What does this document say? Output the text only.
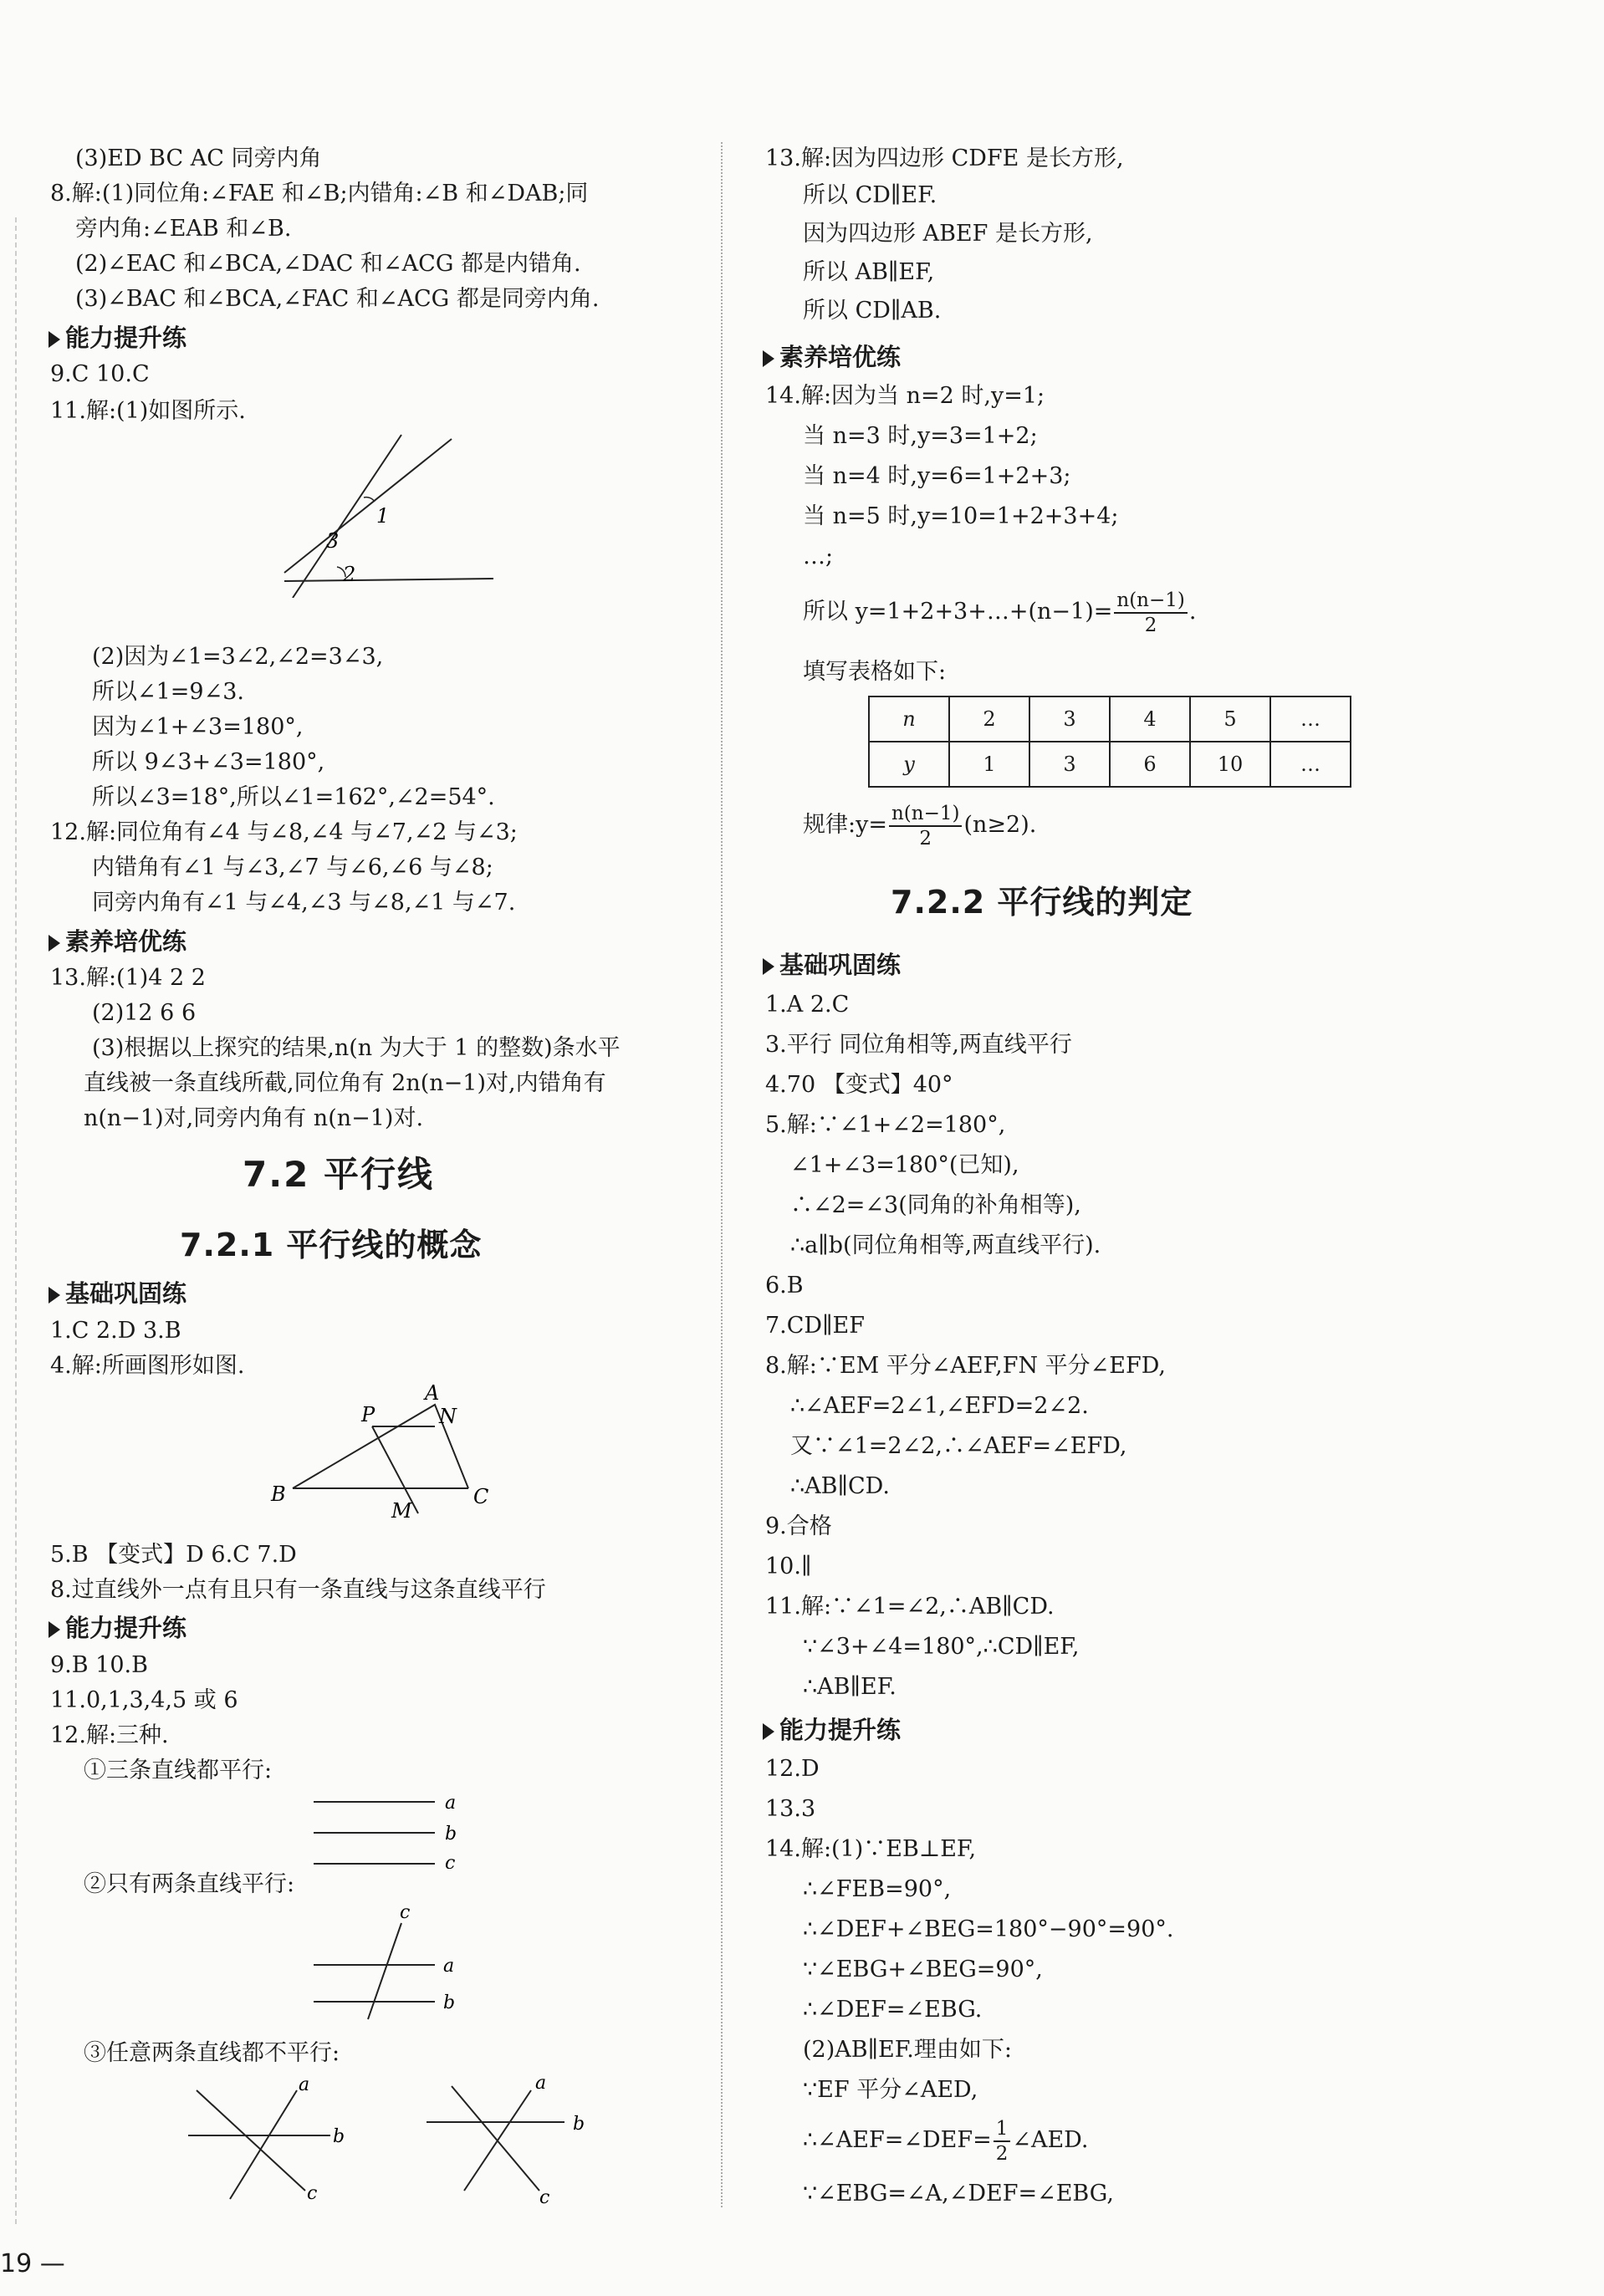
(3)ED BC AC 同旁内角
8.解:(1)同位角:∠FAE 和∠B;内错角:∠B 和∠DAB;同
旁内角:∠EAB 和∠B.
(2)∠EAC 和∠BCA,∠DAC 和∠ACG 都是内错角.
(3)∠BAC 和∠BCA,∠FAC 和∠ACG 都是同旁内角.
能力提升练
9.C 10.C
11.解:(1)如图所示.
1
2
3
(2)因为∠1=3∠2,∠2=3∠3,
所以∠1=9∠3.
因为∠1+∠3=180°,
所以 9∠3+∠3=180°,
所以∠3=18°,所以∠1=162°,∠2=54°.
12.解:同位角有∠4 与∠8,∠4 与∠7,∠2 与∠3;
内错角有∠1 与∠3,∠7 与∠6,∠6 与∠8;
同旁内角有∠1 与∠4,∠3 与∠8,∠1 与∠7.
素养培优练
13.解:(1)4 2 2
(2)12 6 6
(3)根据以上探究的结果,n(n 为大于 1 的整数)条水平
直线被一条直线所截,同位角有 2n(n−1)对,内错角有
n(n−1)对,同旁内角有 n(n−1)对.
7.2 平行线
7.2.1 平行线的概念
基础巩固练
1.C 2.D 3.B
4.解:所画图形如图.
A
N
P
B
M
C
5.B 【变式】D 6.C 7.D
8.过直线外一点有且只有一条直线与这条直线平行
能力提升练
9.B 10.B
11.0,1,3,4,5 或 6
12.解:三种.
①三条直线都平行:
a
b
c
②只有两条直线平行:
c
a
b
③任意两条直线都不平行:
a
b
c
a
b
c
13.解:因为四边形 CDFE 是长方形,
所以 CD∥EF.
因为四边形 ABEF 是长方形,
所以 AB∥EF,
所以 CD∥AB.
素养培优练
14.解:因为当 n=2 时,y=1;
当 n=3 时,y=3=1+2;
当 n=4 时,y=6=1+2+3;
当 n=5 时,y=10=1+2+3+4;
…;
所以 y=1+2+3+…+(n−1)= $\frac{n(n-1)}{2}$ .
填写表格如下:
n	2	3	4	5	…
y	1	3	6	10	…
规律:y= $\frac{n(n-1)}{2} (n\ge 2)$.
7.2.2 平行线的判定
基础巩固练
1.A 2.C
3.平行 同位角相等,两直线平行
4.70 【变式】40°
5.解:∵∠1+∠2=180°,
∠1+∠3=180°(已知),
∴∠2=∠3(同角的补角相等),
∴a∥b(同位角相等,两直线平行).
6.B
7.CD∥EF
8.解:∵EM 平分∠AEF,FN 平分∠EFD,
∴∠AEF=2∠1,∠EFD=2∠2.
又∵∠1=2∠2,∴∠AEF=∠EFD,
∴AB∥CD.
9.合格
10.∥
11.解:∵∠1=∠2,∴AB∥CD.
∵∠3+∠4=180°,∴CD∥EF,
∴AB∥EF.
能力提升练
12.D
13.3
14.解:(1)∵EB⊥EF,
∴∠FEB=90°,
∴∠DEF+∠BEG=180°−90°=90°.
∵∠EBG+∠BEG=90°,
∴∠DEF=∠EBG.
(2)AB∥EF.理由如下:
∵EF 平分∠AED,
∴∠AEF=∠DEF= $\frac{1}{2}$ ∠AED.
∵∠EBG=∠A,∠DEF=∠EBG,
19 —
